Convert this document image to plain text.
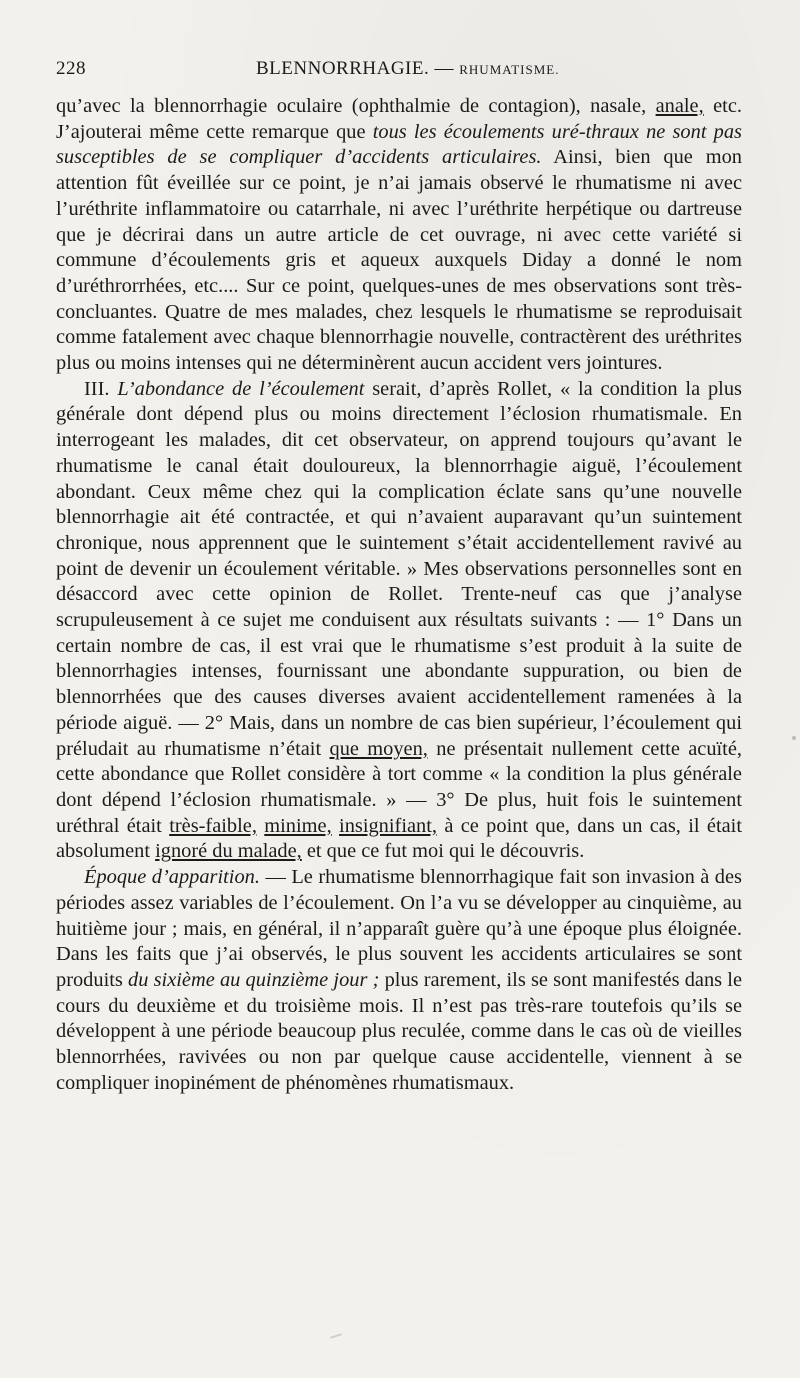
228	BLENNORRHAGIE. — RHUMATISME.

qu’avec la blennorrhagie oculaire (ophthalmie de contagion), nasale, anale, etc. J’ajouterai même cette remarque que tous les écoulements uré-thraux ne sont pas susceptibles de se compliquer d’accidents articulaires. Ainsi, bien que mon attention fût éveillée sur ce point, je n’ai jamais observé le rhumatisme ni avec l’uréthrite inflammatoire ou catarrhale, ni avec l’uréthrite herpétique ou dartreuse que je décrirai dans un autre article de cet ouvrage, ni avec cette variété si commune d’écoulements gris et aqueux auxquels Diday a donné le nom d’uréthrorrhées, etc.... Sur ce point, quelques-unes de mes observations sont très-concluantes. Quatre de mes malades, chez lesquels le rhumatisme se reproduisait comme fatalement avec chaque blennorrhagie nouvelle, contractèrent des uréthrites plus ou moins intenses qui ne déterminèrent aucun accident vers jointures.

III. L’abondance de l’écoulement serait, d’après Rollet, « la condition la plus générale dont dépend plus ou moins directement l’éclosion rhumatismale. En interrogeant les malades, dit cet observateur, on apprend toujours qu’avant le rhumatisme le canal était douloureux, la blennorrhagie aiguë, l’écoulement abondant. Ceux même chez qui la complication éclate sans qu’une nouvelle blennorrhagie ait été contractée, et qui n’avaient auparavant qu’un suintement chronique, nous apprennent que le suintement s’était accidentellement ravivé au point de devenir un écoulement véritable. » Mes observations personnelles sont en désaccord avec cette opinion de Rollet. Trente-neuf cas que j’analyse scrupuleusement à ce sujet me conduisent aux résultats suivants : — 1° Dans un certain nombre de cas, il est vrai que le rhumatisme s’est produit à la suite de blennorrhagies intenses, fournissant une abondante suppuration, ou bien de blennorrhées que des causes diverses avaient accidentellement ramenées à la période aiguë. — 2° Mais, dans un nombre de cas bien supérieur, l’écoulement qui préludait au rhumatisme n’était que moyen, ne présentait nullement cette acuïté, cette abondance que Rollet considère à tort comme « la condition la plus générale dont dépend l’éclosion rhumatismale. » — 3° De plus, huit fois le suintement uréthral était très-faible, minime, insignifiant, à ce point que, dans un cas, il était absolument ignoré du malade, et que ce fut moi qui le découvris.

Époque d’apparition. — Le rhumatisme blennorrhagique fait son invasion à des périodes assez variables de l’écoulement. On l’a vu se développer au cinquième, au huitième jour ; mais, en général, il n’apparaît guère qu’à une époque plus éloignée. Dans les faits que j’ai observés, le plus souvent les accidents articulaires se sont produits du sixième au quinzième jour ; plus rarement, ils se sont manifestés dans le cours du deuxième et du troisième mois. Il n’est pas très-rare toutefois qu’ils se développent à une période beaucoup plus reculée, comme dans le cas où de vieilles blennorrhées, ravivées ou non par quelque cause accidentelle, viennent à se compliquer inopinément de phénomènes rhumatismaux.
